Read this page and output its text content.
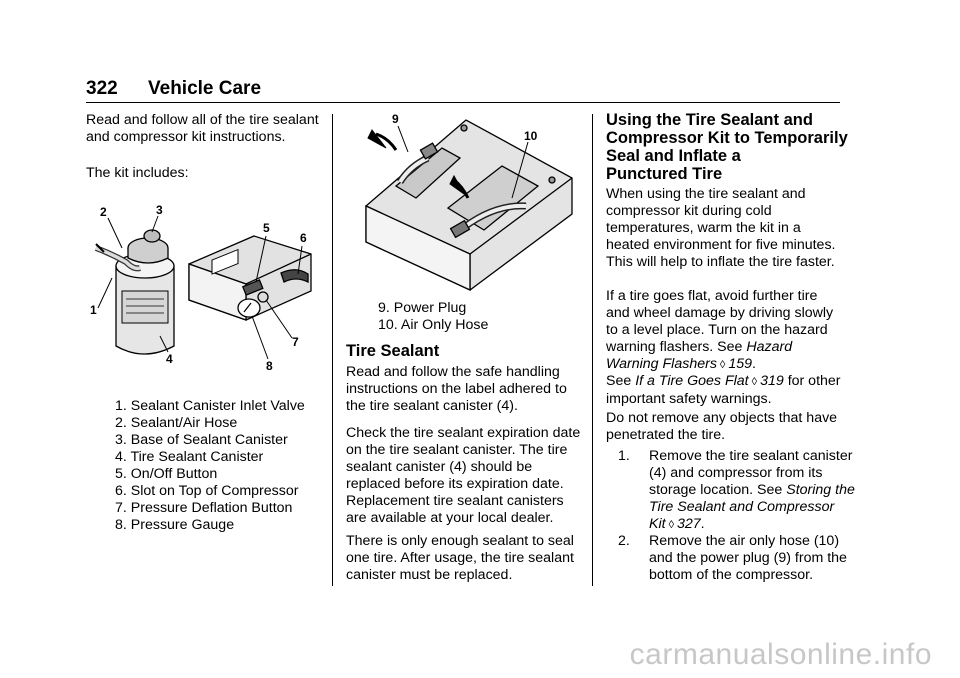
322 Vehicle Care

Read and follow all of the tire sealant and compressor kit instructions.

The kit includes:

2	3
1
4
5
6
7
8
1. Sealant Canister Inlet Valve
2. Sealant/Air Hose
3. Base of Sealant Canister
4. Tire Sealant Canister
5. On/Off Button
6. Slot on Top of Compressor
7. Pressure Deflation Button
8. Pressure Gauge
9
10
9. Power Plug
10. Air Only Hose
Tire Sealant

Read and follow the safe handling instructions on the label adhered to the tire sealant canister (4).

Check the tire sealant expiration date on the tire sealant canister. The tire sealant canister (4) should be replaced before its expiration date. Replacement tire sealant canisters are available at your local dealer.

There is only enough sealant to seal one tire. After usage, the tire sealant canister must be replaced.

Using the Tire Sealant and
Compressor Kit to Temporarily
Seal and Inflate a
Punctured Tire

When using the tire sealant and compressor kit during cold temperatures, warm the kit in a heated environment for five minutes. This will help to inflate the tire faster.

If a tire goes flat, avoid further tire and wheel damage by driving slowly to a level place. Turn on the hazard warning flashers. See Hazard Warning Flashers ◊ 159.

See If a Tire Goes Flat ◊ 319 for other important safety warnings.

Do not remove any objects that have penetrated the tire.

1. Remove the tire sealant canister (4) and compressor from its storage location. See Storing the Tire Sealant and Compressor Kit ◊ 327.
2. Remove the air only hose (10) and the power plug (9) from the bottom of the compressor.
carmanualsonline.info
